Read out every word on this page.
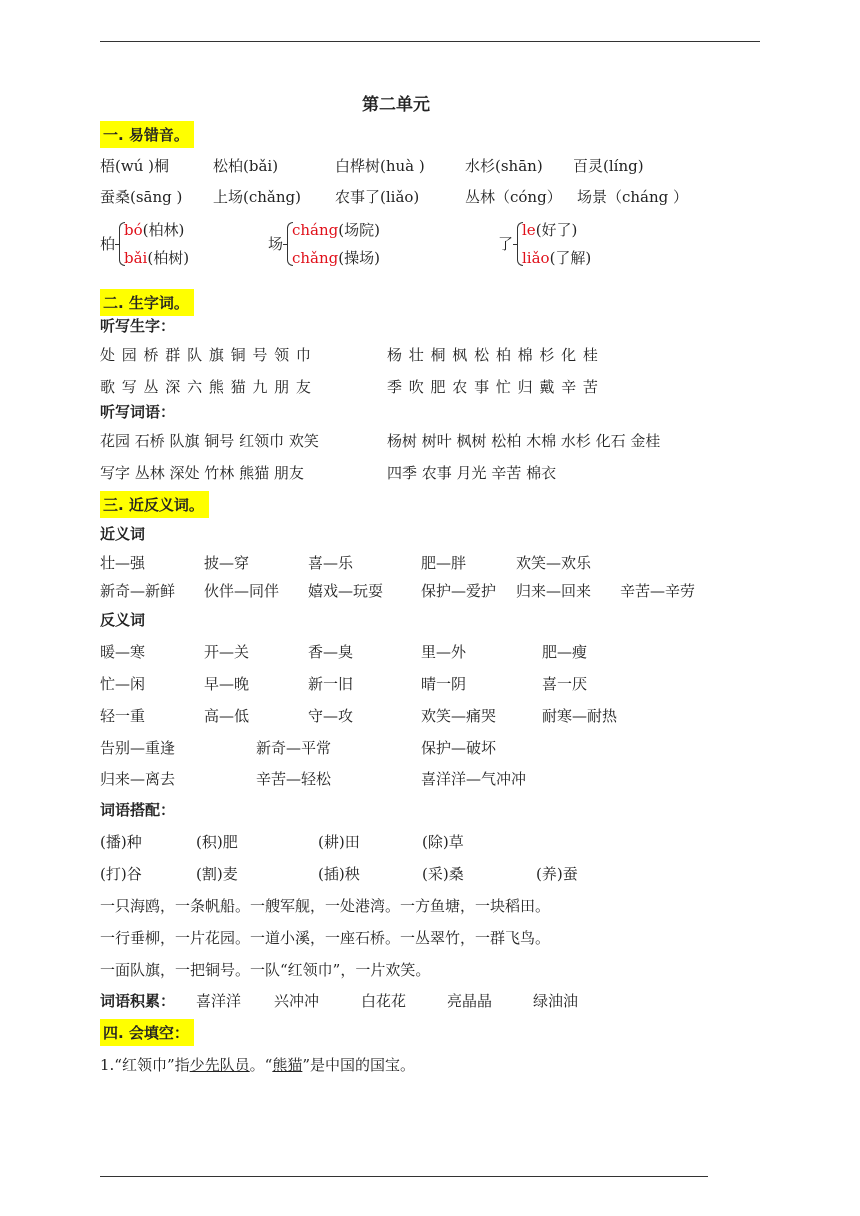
第二单元
一. 易错音。
梧(wú )桐	松柏(bǎi)	白桦树(huà )	水杉(shān) 百灵(líng)
蚕桑(sāng ) 上场(chǎng) 农事了(liǎo)	丛林（cóng） 场景（cháng ）
柏
bó(柏林)
bǎi(柏树)
场
cháng(场院)
chǎng(操场)
了
le(好了)
liǎo(了解)
二. 生字词。
听写生字：
处 园 桥 群 队 旗 铜 号 领 巾	杨 壮 桐 枫 松 柏 棉 杉 化 桂
歌 写 丛 深 六 熊 猫 九 朋 友	季 吹 肥 农 事 忙 归 戴 辛 苦
听写词语：
花园 石桥 队旗 铜号 红领巾 欢笑	杨树 树叶 枫树 松柏 木棉 水杉 化石 金桂
写字 丛林 深处 竹林 熊猫 朋友	四季 农事 月光 辛苦 棉衣
三. 近反义词。
近义词
壮—强	披—穿	喜—乐	肥—胖	欢笑—欢乐
新奇—新鲜 伙伴—同伴 嬉戏—玩耍	保护—爱护 归来—回来 辛苦—辛劳
反义词
暖—寒	开—关	香—臭	里—外	肥—瘦
忙—闲	早—晚	新一旧	晴一阴	喜一厌
轻一重	高—低	守—攻	欢笑—痛哭	耐寒—耐热
告别—重逢	新奇—平常	保护—破坏
归来—离去	辛苦—轻松	喜洋洋—气冲冲
词语搭配：
(播)种	(积)肥	(耕)田	(除)草
(打)谷	(割)麦	(插)秧	(采)桑	(养)蚕
一只海鸥，一条帆船。一艘军舰，一处港湾。一方鱼塘，一块稻田。
一行垂柳，一片花园。一道小溪，一座石桥。一丛翠竹，一群飞鸟。
一面队旗，一把铜号。一队“红领巾”，一片欢笑。
词语积累： 喜洋洋 兴冲冲	白花花	亮晶晶	绿油油
四. 会填空：
1.“红领巾”指少先队员。“熊猫”是中国的国宝。
